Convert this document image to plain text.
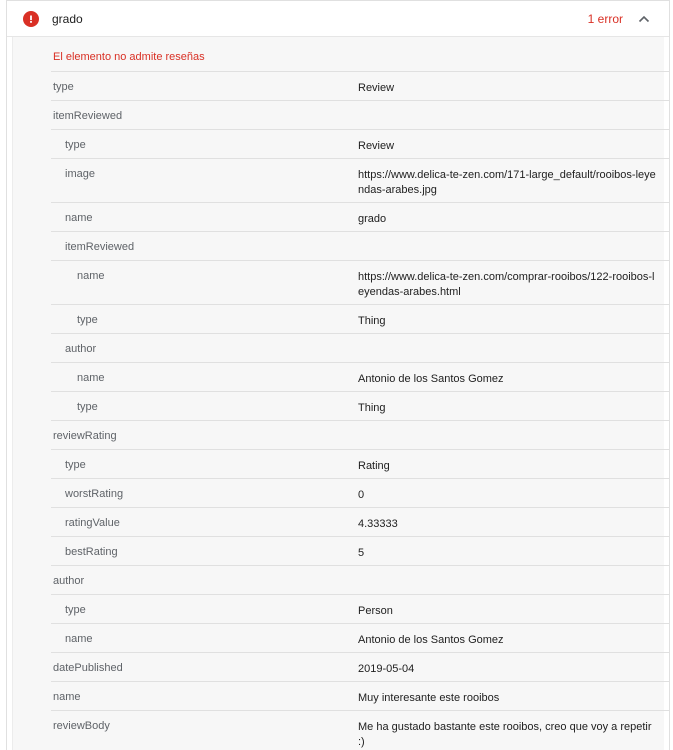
grado	1 error
El elemento no admite reseñas
type	Review
itemReviewed
type	Review
image	https://www.delica-te-zen.com/171-large_default/rooibos-leyendas-arabes.jpg
name	grado
itemReviewed
name	https://www.delica-te-zen.com/comprar-rooibos/122-rooibos-leyendas-arabes.html
type	Thing
author
name	Antonio de los Santos Gomez
type	Thing
reviewRating
type	Rating
worstRating	0
ratingValue	4.33333
bestRating	5
author
type	Person
name	Antonio de los Santos Gomez
datePublished	2019-05-04
name	Muy interesante este rooibos
reviewBody	Me ha gustado bastante este rooibos, creo que voy a repetir :)
